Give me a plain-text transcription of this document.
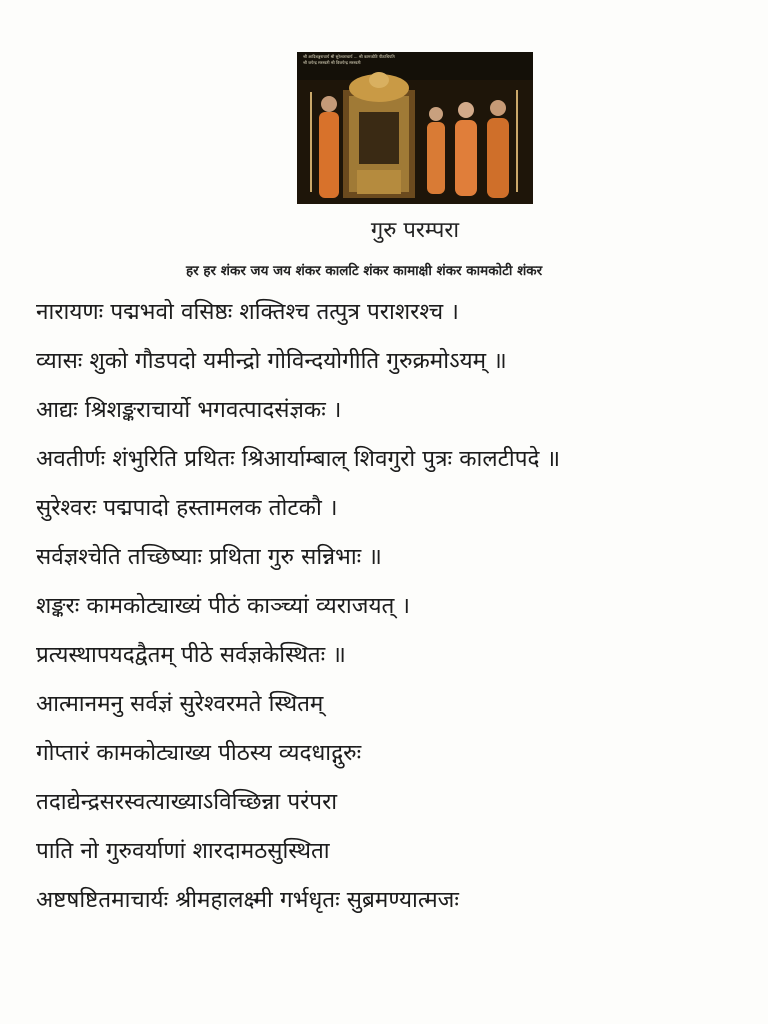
श्री आदिशङ्कराचार्य श्री सुरेश्वराचार्य ... श्री कामकोटि पीठाधिपति
श्री जयेन्द्र सरस्वती श्री विजयेन्द्र सरस्वती
गुरु परम्परा
हर हर शंकर जय जय शंकर कालटि शंकर कामाक्षी शंकर कामकोटी शंकर
नारायणः पद्मभवो वसिष्ठः शक्तिश्च तत्पुत्र पराशरश्च ।
व्यासः शुको गौडपदो यमीन्द्रो गोविन्दयोगीति गुरुक्रमोऽयम् ॥
आद्यः श्रिशङ्कराचार्यो भगवत्पादसंज्ञकः ।
अवतीर्णः शंभुरिति प्रथितः श्रिआर्याम्बाल् शिवगुरो पुत्रः कालटीपदे ॥
सुरेश्वरः पद्मपादो हस्तामलक तोटकौ ।
सर्वज्ञश्चेति तच्छिष्याः प्रथिता गुरु सन्निभाः ॥
शङ्करः कामकोट्याख्यं पीठं काञ्च्यां व्यराजयत् ।
प्रत्यस्थापयदद्वैतम् पीठे सर्वज्ञकेस्थितः ॥
आत्मानमनु सर्वज्ञं सुरेश्वरमते स्थितम्
गोप्तारं कामकोट्याख्य पीठस्य व्यदधाद्गुरुः
तदाद्येन्द्रसरस्वत्याख्याऽविच्छिन्ना परंपरा
पाति नो गुरुवर्याणां शारदामठसुस्थिता
अष्टषष्टितमाचार्यः श्रीमहालक्ष्मी गर्भधृतः सुब्रमण्यात्मजः
